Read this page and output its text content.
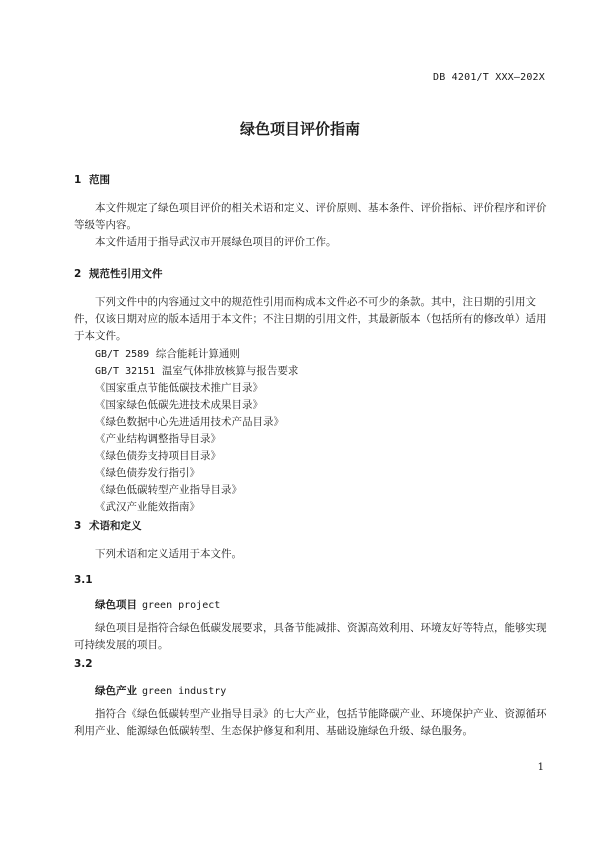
DB 4201/T XXX—202X
绿色项目评价指南
1 范围
本文件规定了绿色项目评价的相关术语和定义、评价原则、基本条件、评价指标、评价程序和评价等级等内容。
本文件适用于指导武汉市开展绿色项目的评价工作。
2 规范性引用文件
下列文件中的内容通过文中的规范性引用而构成本文件必不可少的条款。其中，注日期的引用文件，仅该日期对应的版本适用于本文件；不注日期的引用文件，其最新版本（包括所有的修改单）适用于本文件。
GB/T 2589 综合能耗计算通则
GB/T 32151 温室气体排放核算与报告要求
《国家重点节能低碳技术推广目录》
《国家绿色低碳先进技术成果目录》
《绿色数据中心先进适用技术产品目录》
《产业结构调整指导目录》
《绿色债券支持项目目录》
《绿色债券发行指引》
《绿色低碳转型产业指导目录》
《武汉产业能效指南》
3 术语和定义
下列术语和定义适用于本文件。
3.1
绿色项目 green project
绿色项目是指符合绿色低碳发展要求，具备节能减排、资源高效利用、环境友好等特点，能够实现可持续发展的项目。
3.2
绿色产业 green industry
指符合《绿色低碳转型产业指导目录》的七大产业，包括节能降碳产业、环境保护产业、资源循环利用产业、能源绿色低碳转型、生态保护修复和利用、基础设施绿色升级、绿色服务。
1
